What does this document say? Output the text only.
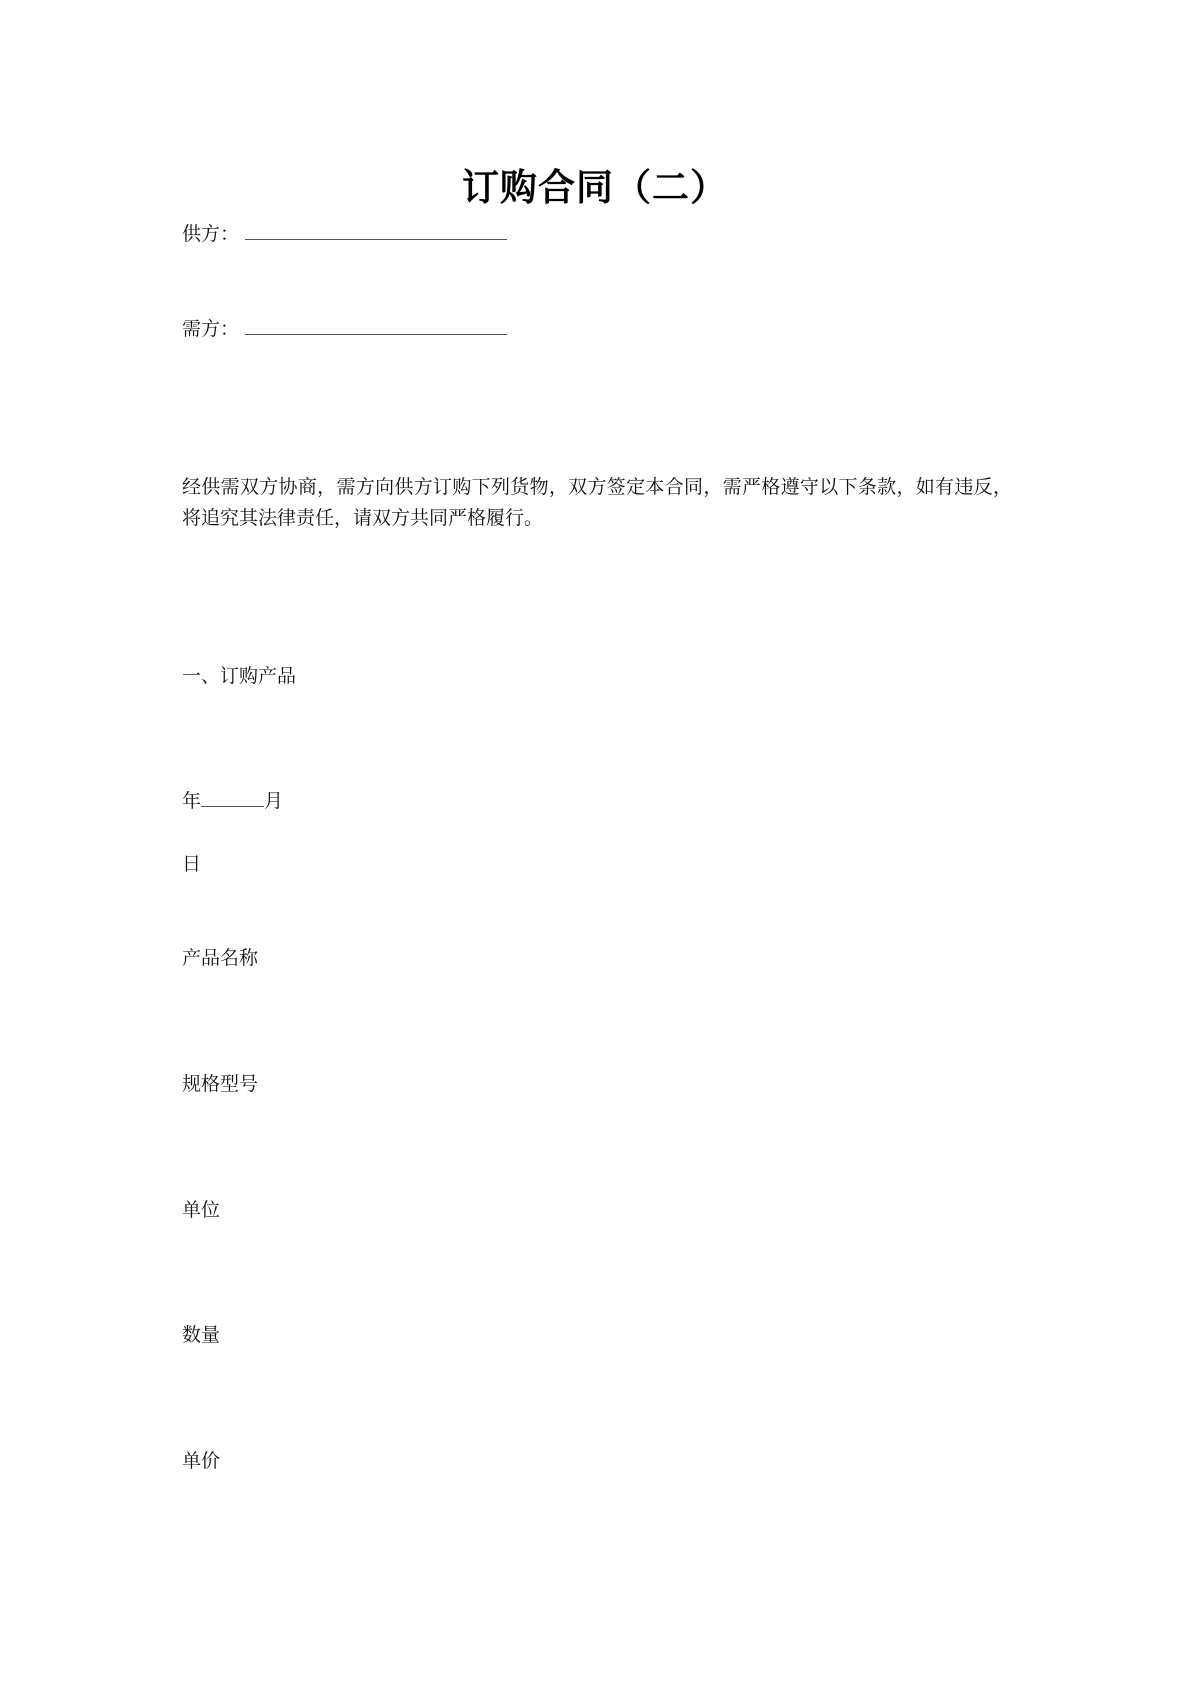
订购合同（二）
供方：
需方：
经供需双方协商，需方向供方订购下列货物，双方签定本合同，需严格遵守以下条款，如有违反，将追究其法律责任，请双方共同严格履行。
一、订购产品
年	月
日
产品名称
规格型号
单位
数量
单价
